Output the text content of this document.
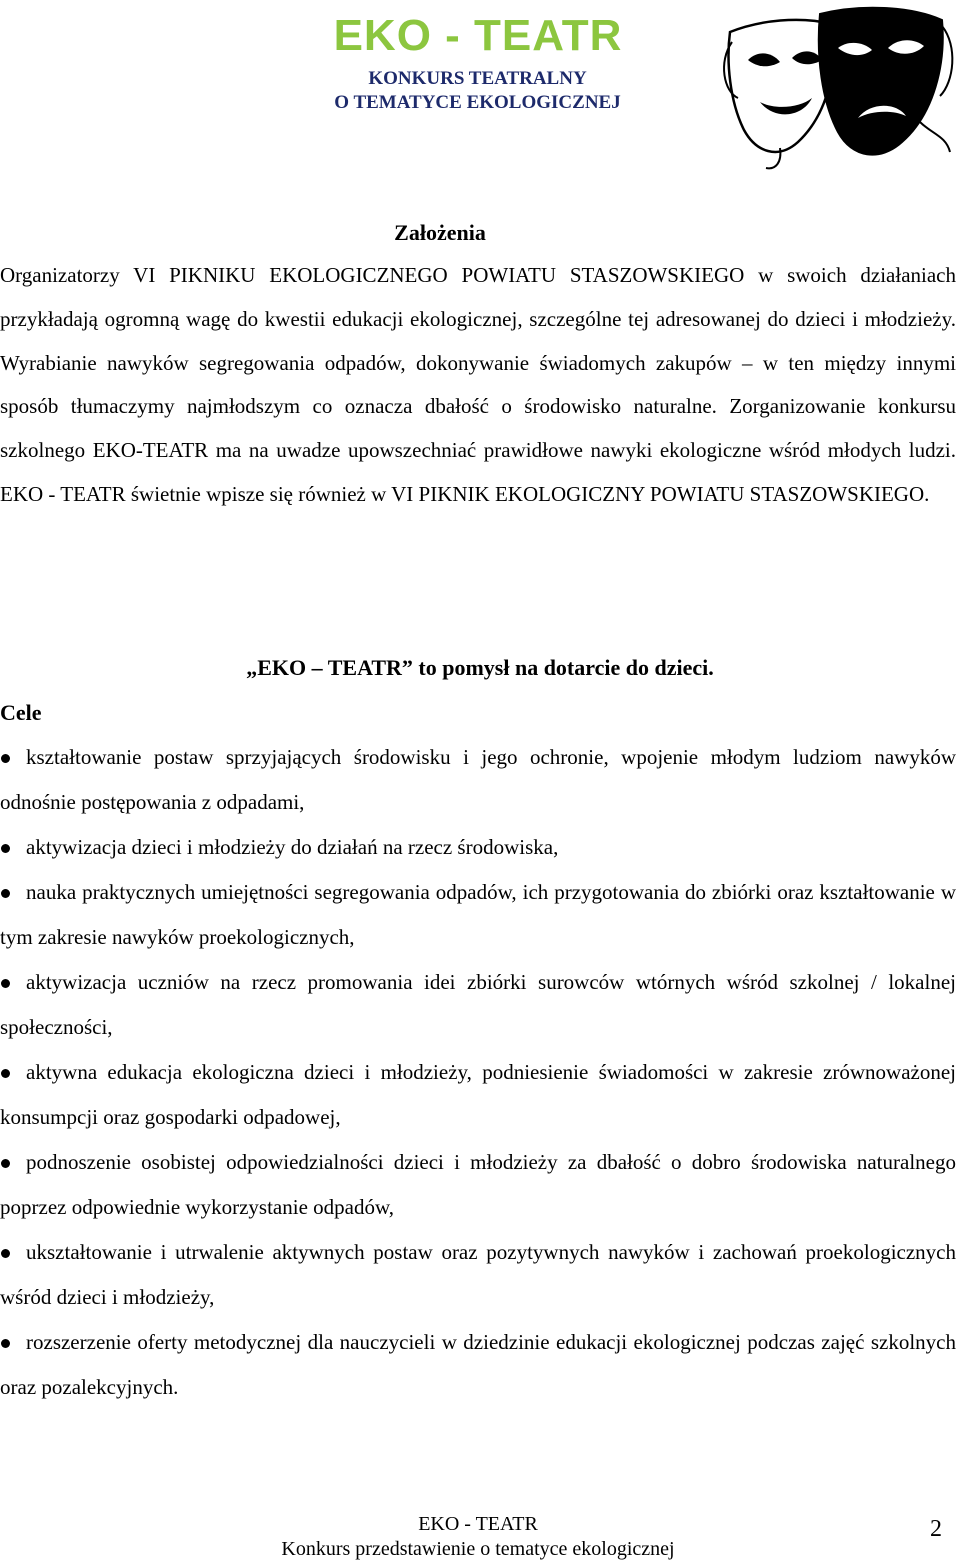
EKO - TEATR
KONKURS TEATRALNY
O TEMATYCE EKOLOGICZNEJ
Założenia

Organizatorzy VI PIKNIKU EKOLOGICZNEGO POWIATU STASZOWSKIEGO w swoich działaniach przykładają ogromną wagę do kwestii edukacji ekologicznej, szczególne tej adresowanej do dzieci i młodzieży. Wyrabianie nawyków segregowania odpadów, dokonywanie świadomych zakupów – w ten między innymi sposób tłumaczymy najmłodszym co oznacza dbałość o środowisko naturalne. Zorganizowanie konkursu szkolnego EKO-TEATR ma na uwadze upowszechniać prawidłowe nawyki ekologiczne wśród młodych ludzi. EKO - TEATR świetnie wpisze się również w VI PIKNIK EKOLOGICZNY POWIATU STASZOWSKIEGO.

„EKO – TEATR” to pomysł na dotarcie do dzieci.
Cele
kształtowanie postaw sprzyjających środowisku i jego ochronie, wpojenie młodym ludziom nawyków odnośnie postępowania z odpadami,
aktywizacja dzieci i młodzieży do działań na rzecz środowiska,
nauka praktycznych umiejętności segregowania odpadów, ich przygotowania do zbiórki oraz kształtowanie w tym zakresie nawyków proekologicznych,
aktywizacja uczniów na rzecz promowania idei zbiórki surowców wtórnych wśród szkolnej / lokalnej społeczności,
aktywna edukacja ekologiczna dzieci i młodzieży, podniesienie świadomości w zakresie zrównoważonej konsumpcji oraz gospodarki odpadowej,
podnoszenie osobistej odpowiedzialności dzieci i młodzieży za dbałość o dobro środowiska naturalnego poprzez odpowiednie wykorzystanie odpadów,
ukształtowanie i utrwalenie aktywnych postaw oraz pozytywnych nawyków i zachowań proekologicznych wśród dzieci i młodzieży,
rozszerzenie oferty metodycznej dla nauczycieli w dziedzinie edukacji ekologicznej podczas zajęć szkolnych oraz pozalekcyjnych.
EKO - TEATR
Konkurs przedstawienie o tematyce ekologicznej
2
